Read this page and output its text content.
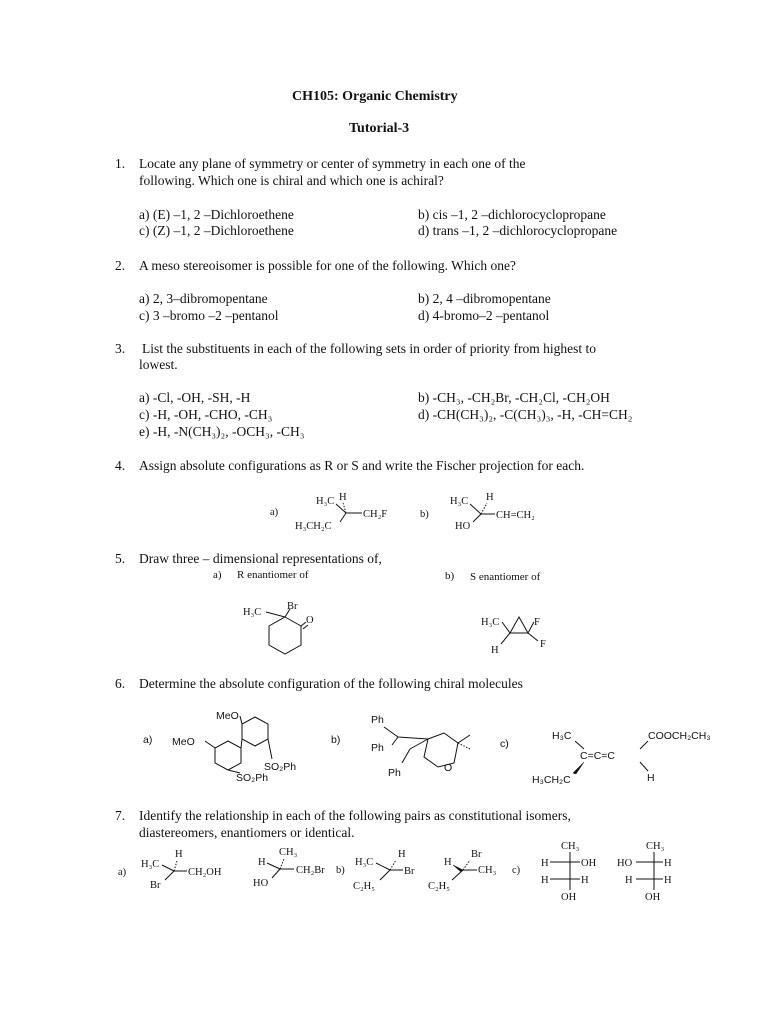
CH105: Organic Chemistry
Tutorial-3
1. Locate any plane of symmetry or center of symmetry in each one of the
following. Which one is chiral and which one is achiral?
a) (E) –1, 2 –Dichloroethene	b) cis –1, 2 –dichlorocyclopropane
c) (Z) –1, 2 –Dichloroethene	d) trans –1, 2 –dichlorocyclopropane
2. A meso stereoisomer is possible for one of the following. Which one?
a) 2, 3–dibromopentane	b) 2, 4 –dibromopentane
c) 3 –bromo –2 –pentanol	d) 4-bromo–2 –pentanol
3. List the substituents in each of the following sets in order of priority from highest to
lowest.
a) -Cl, -OH, -SH, -H	b) -CH₃, -CH₂Br, -CH₂Cl, -CH₂OH
c) -H, -OH, -CHO, -CH₃	d) -CH(CH₃)₂, -C(CH₃)₃, -H, -CH=CH₂
e) -H, -N(CH₃)₂, -OCH₃, -CH₃
4. Assign absolute configurations as R or S and write the Fischer projection for each.
a)
H₃C H
CH₂F
H₃CH₂C
b)
H₃C H
CH=CH₂
HO
5. Draw three – dimensional representations of,
a) R enantiomer of	b) S enantiomer of
H₃C
Br
O	H₃C	F
F
H
6. Determine the absolute configuration of the following chiral molecules
a)
MeO
MeO
SO₂Ph
SO₂Ph
b)
Ph
Ph
Ph	O
c)
H₃C	COOCH₂CH₃
C=C=C
H₃CH₂C	H
7. Identify the relationship in each of the following pairs as constitutional isomers,
diastereomers, enantiomers or identical.
a)
H₃C
H
CH₂OH
Br
H
CH₃
CH₂Br
HO
b)
H₃C
H
Br
C₂H₅
H
Br
CH₃
C₂H₅
c)
CH₃
H	OH
H	H
OH
CH₃
HO	H
H	H
OH
